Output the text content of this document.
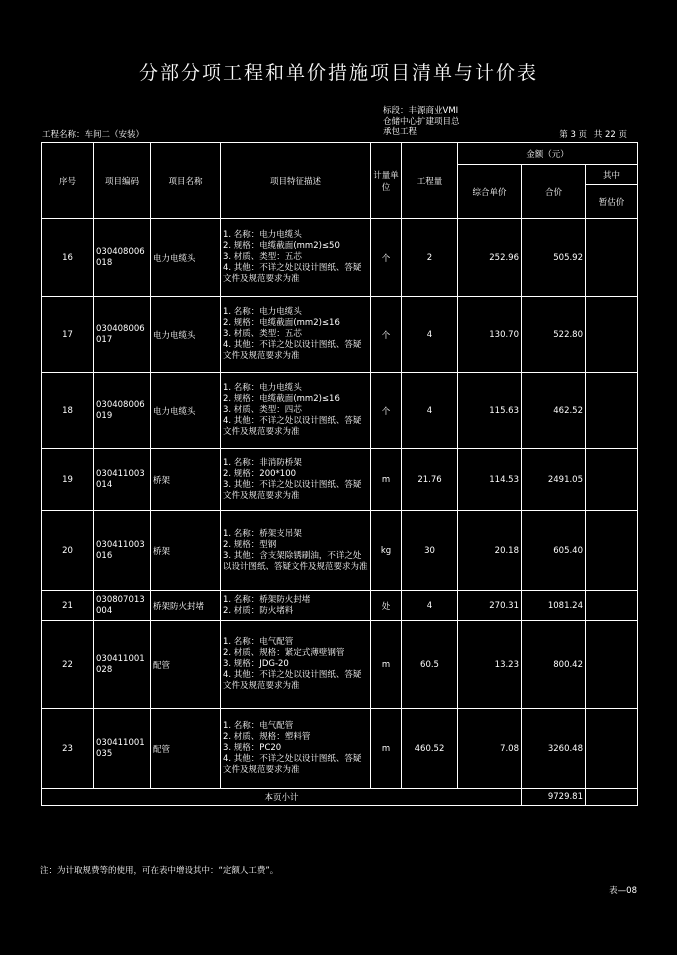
分部分项工程和单价措施项目清单与计价表
标段：丰源商业VMI
仓储中心扩建项目总
承包工程
工程名称：车间二（安装）	第 3 页 共 22 页
序号	项目编码	项目名称	项目特征描述	计量单位	工程量	金额（元）		
						综合单价	合价	其中
								暂估价
16	030408006018	电力电缆头	1. 名称：电力电缆头
2. 规格：电缆截面(mm2)≤50
3. 材质、类型：五芯
4. 其他：不详之处以设计图纸、答疑文件及规范要求为准	个	2	252.96	505.92	
17	030408006017	电力电缆头	1. 名称：电力电缆头
2. 规格：电缆截面(mm2)≤16
3. 材质、类型：五芯
4. 其他：不详之处以设计图纸、答疑文件及规范要求为准	个	4	130.70	522.80	
18	030408006019	电力电缆头	1. 名称：电力电缆头
2. 规格：电缆截面(mm2)≤16
3. 材质、类型：四芯
4. 其他：不详之处以设计图纸、答疑文件及规范要求为准	个	4	115.63	462.52	
19	030411003014	桥架	1. 名称：非消防桥架
2. 规格：200*100
3. 其他：不详之处以设计图纸、答疑文件及规范要求为准	m	21.76	114.53	2491.05	
20	030411003016	桥架	1. 名称：桥架支吊架
2. 规格：型钢
3. 其他：含支架除锈刷油，不详之处以设计图纸、答疑文件及规范要求为准	kg	30	20.18	605.40	
21	030807013004	桥架防火封堵	1. 名称：桥架防火封堵
2. 材质：防火堵料	处	4	270.31	1081.24	
22	030411001028	配管	1. 名称：电气配管
2. 材质、规格：紧定式薄壁钢管
3. 规格：JDG-20
4. 其他：不详之处以设计图纸、答疑文件及规范要求为准	m	60.5	13.23	800.42	
23	030411001035	配管	1. 名称：电气配管
2. 材质、规格：塑料管
3. 规格：PC20
4. 其他：不详之处以设计图纸、答疑文件及规范要求为准	m	460.52	7.08	3260.48	
本页小计							9729.81	
注：为计取规费等的使用，可在表中增设其中：“定额人工费”。
表—08
